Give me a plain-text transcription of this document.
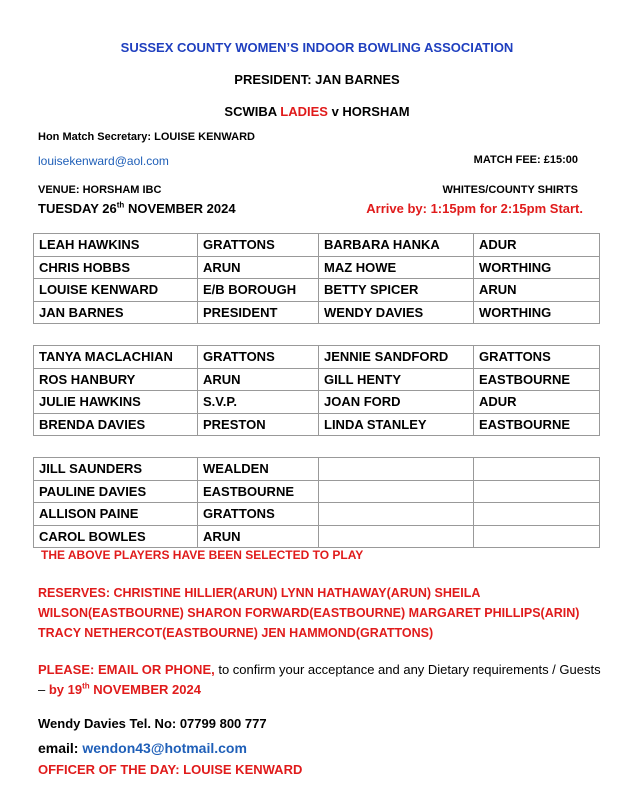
SUSSEX COUNTY WOMEN’S INDOOR BOWLING ASSOCIATION
PRESIDENT: JAN BARNES
SCWIBA LADIES v HORSHAM
Hon Match Secretary: LOUISE KENWARD
louisekenward@aol.com	MATCH FEE: £15:00
VENUE: HORSHAM IBC	WHITES/COUNTY SHIRTS
TUESDAY 26th NOVEMBER 2024	Arrive by: 1:15pm for 2:15pm Start.
LEAH HAWKINS	GRATTONS	BARBARA HANKA	ADUR
CHRIS HOBBS	ARUN	MAZ HOWE	WORTHING
LOUISE KENWARD	E/B BOROUGH	BETTY SPICER	ARUN
JAN BARNES	PRESIDENT	WENDY DAVIES	WORTHING
TANYA MACLACHIAN	GRATTONS	JENNIE SANDFORD	GRATTONS
ROS HANBURY	ARUN	GILL HENTY	EASTBOURNE
JULIE HAWKINS	S.V.P.	JOAN FORD	ADUR
BRENDA DAVIES	PRESTON	LINDA STANLEY	EASTBOURNE
JILL SAUNDERS	WEALDEN		
PAULINE DAVIES	EASTBOURNE		
ALLISON PAINE	GRATTONS		
CAROL BOWLES	ARUN		
THE ABOVE PLAYERS HAVE BEEN SELECTED TO PLAY
RESERVES: CHRISTINE HILLIER(ARUN) LYNN HATHAWAY(ARUN) SHEILA WILSON(EASTBOURNE) SHARON FORWARD(EASTBOURNE) MARGARET PHILLIPS(ARIN) TRACY NETHERCOT(EASTBOURNE) JEN HAMMOND(GRATTONS)
PLEASE: EMAIL OR PHONE, to confirm your acceptance and any Dietary requirements / Guests – by 19th NOVEMBER 2024
Wendy Davies Tel. No: 07799 800 777
email: wendon43@hotmail.com
OFFICER OF THE DAY: LOUISE KENWARD
